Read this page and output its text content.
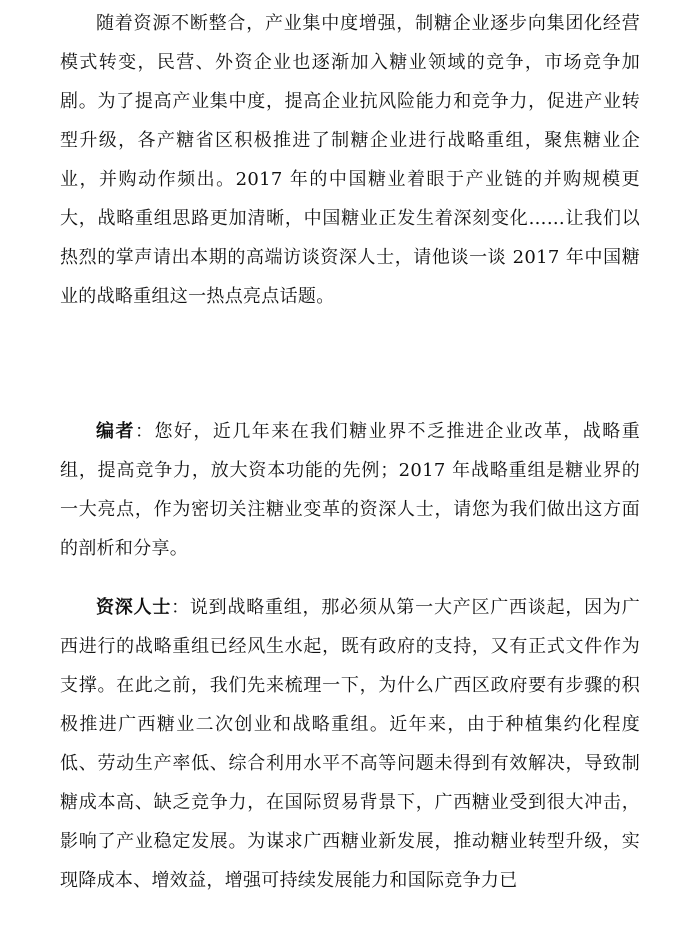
随着资源不断整合，产业集中度增强，制糖企业逐步向集团化经营模式转变，民营、外资企业也逐渐加入糖业领域的竞争，市场竞争加剧。为了提高产业集中度，提高企业抗风险能力和竞争力，促进产业转型升级，各产糖省区积极推进了制糖企业进行战略重组，聚焦糖业企业，并购动作频出。2017 年的中国糖业着眼于产业链的并购规模更大，战略重组思路更加清晰，中国糖业正发生着深刻变化……让我们以热烈的掌声请出本期的高端访谈资深人士，请他谈一谈 2017 年中国糖业的战略重组这一热点亮点话题。

编者：您好，近几年来在我们糖业界不乏推进企业改革，战略重组，提高竞争力，放大资本功能的先例；2017 年战略重组是糖业界的一大亮点，作为密切关注糖业变革的资深人士，请您为我们做出这方面的剖析和分享。

资深人士：说到战略重组，那必须从第一大产区广西谈起，因为广西进行的战略重组已经风生水起，既有政府的支持，又有正式文件作为支撑。在此之前，我们先来梳理一下，为什么广西区政府要有步骤的积极推进广西糖业二次创业和战略重组。近年来，由于种植集约化程度低、劳动生产率低、综合利用水平不高等问题未得到有效解决，导致制糖成本高、缺乏竞争力，在国际贸易背景下，广西糖业受到很大冲击，影响了产业稳定发展。为谋求广西糖业新发展，推动糖业转型升级，实现降成本、增效益，增强可持续发展能力和国际竞争力已
